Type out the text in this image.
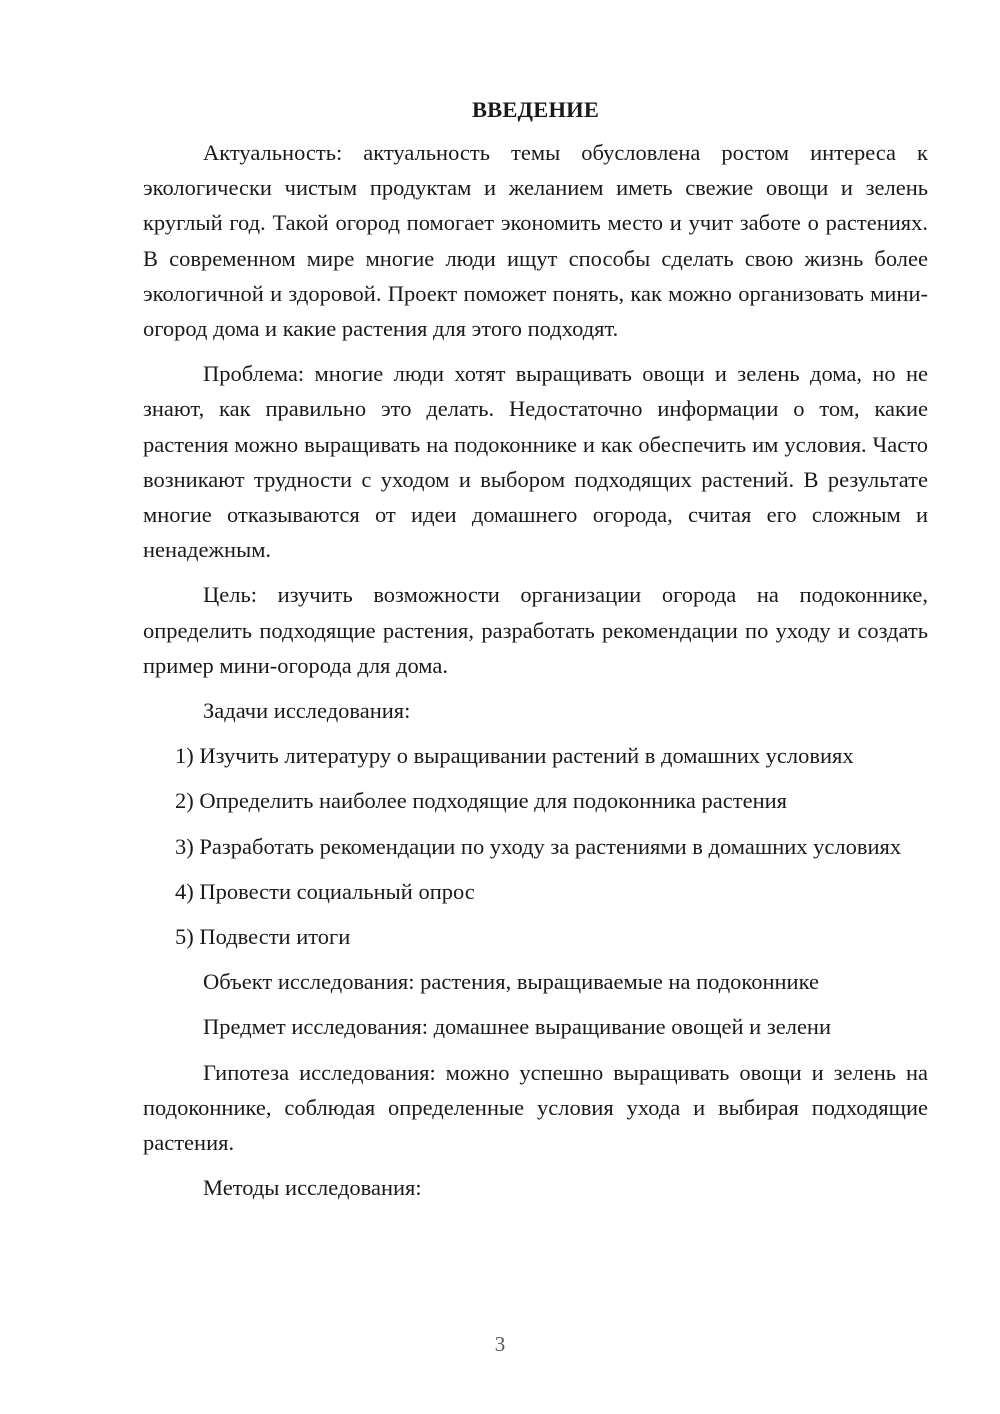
ВВЕДЕНИЕ

Актуальность: актуальность темы обусловлена ростом интереса к экологически чистым продуктам и желанием иметь свежие овощи и зелень круглый год. Такой огород помогает экономить место и учит заботе о растениях. В современном мире многие люди ищут способы сделать свою жизнь более экологичной и здоровой. Проект поможет понять, как можно организовать мини-огород дома и какие растения для этого подходят.

Проблема: многие люди хотят выращивать овощи и зелень дома, но не знают, как правильно это делать. Недостаточно информации о том, какие растения можно выращивать на подоконнике и как обеспечить им условия. Часто возникают трудности с уходом и выбором подходящих растений. В результате многие отказываются от идеи домашнего огорода, считая его сложным и ненадежным.

Цель: изучить возможности организации огорода на подоконнике, определить подходящие растения, разработать рекомендации по уходу и создать пример мини-огорода для дома.

Задачи исследования:

1) Изучить литературу о выращивании растений в домашних условиях

2) Определить наиболее подходящие для подоконника растения

3) Разработать рекомендации по уходу за растениями в домашних условиях

4) Провести социальный опрос

5) Подвести итоги

Объект исследования: растения, выращиваемые на подоконнике

Предмет исследования: домашнее выращивание овощей и зелени

Гипотеза исследования: можно успешно выращивать овощи и зелень на подоконнике, соблюдая определенные условия ухода и выбирая подходящие растения.

Методы исследования:

3
